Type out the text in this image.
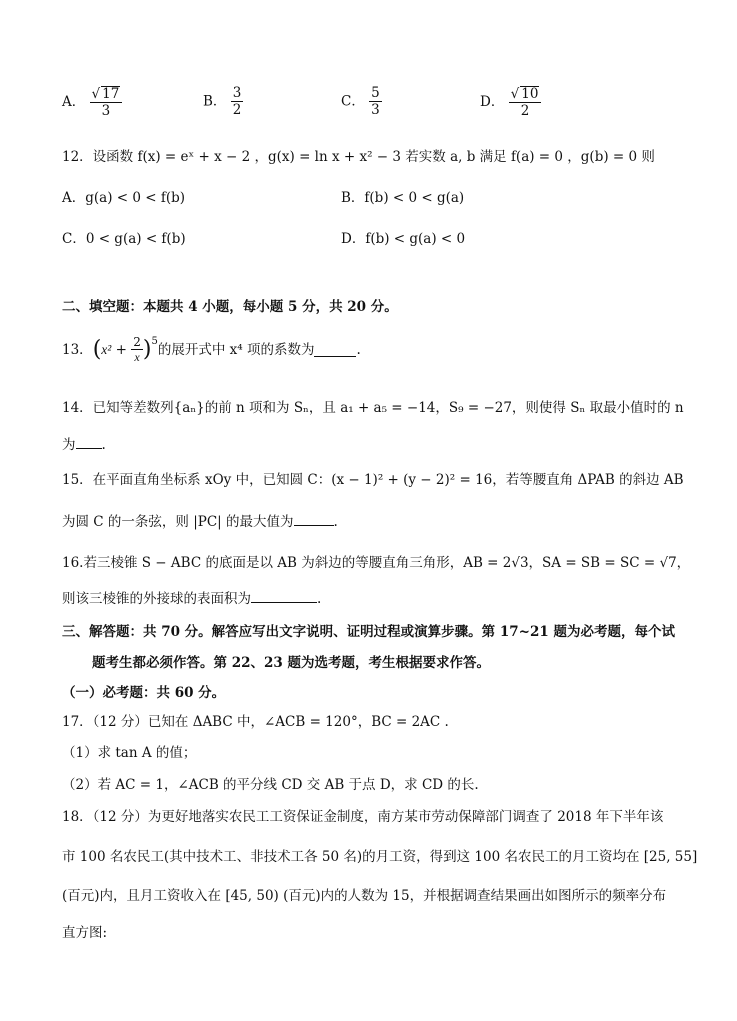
A． $\frac{√ 17}{3}$	B． $\frac{3}{2}$	C． $\frac{5}{3}$	D． $\frac{√ 10}{2}$
12．设函数 f(x) = eˣ + x − 2 ，g(x) = ln x + x² − 3 若实数 a, b 满足 f(a) = 0 ，g(b) = 0 则
A．g(a) < 0 < f(b)	B．f(b) < 0 < g(a)
C．0 < g(a) < f(b)	D．f(b) < g(a) < 0
二、填空题：本题共 4 小题，每小题 5 分，共 20 分。
13． ( $x^2 + \frac{2}{x} )^5$
的展开式中 x⁴ 项的系数为	.
14．已知等差数列{aₙ}的前 n 项和为 Sₙ，且 a₁ + a₅ = −14，S₉ = −27，则使得 Sₙ 取最小值时的 n
为 .
15．在平面直角坐标系 xOy 中，已知圆 C：(x − 1)² + (y − 2)² = 16，若等腰直角 ΔPAB 的斜边 AB
为圆 C 的一条弦，则 |PC| 的最大值为	.
16.若三棱锥 S − ABC 的底面是以 AB 为斜边的等腰直角三角形，AB = 2√3，SA = SB = SC = √7，
则该三棱锥的外接球的表面积为	.
三、解答题：共 70 分。解答应写出文字说明、证明过程或演算步骤。第 17~21 题为必考题，每个试
题考生都必须作答。第 22、23 题为选考题，考生根据要求作答。
（一）必考题：共 60 分。
17．（12 分）已知在 ΔABC 中，∠ACB = 120°，BC = 2AC .
（1）求 tan A 的值；
（2）若 AC = 1，∠ACB 的平分线 CD 交 AB 于点 D，求 CD 的长.
18．（12 分）为更好地落实农民工工资保证金制度，南方某市劳动保障部门调查了 2018 年下半年该
市 100 名农民工(其中技术工、非技术工各 50 名)的月工资，得到这 100 名农民工的月工资均在 [25, 55]
(百元)内，且月工资收入在 [45, 50) (百元)内的人数为 15，并根据调查结果画出如图所示的频率分布
直方图:
